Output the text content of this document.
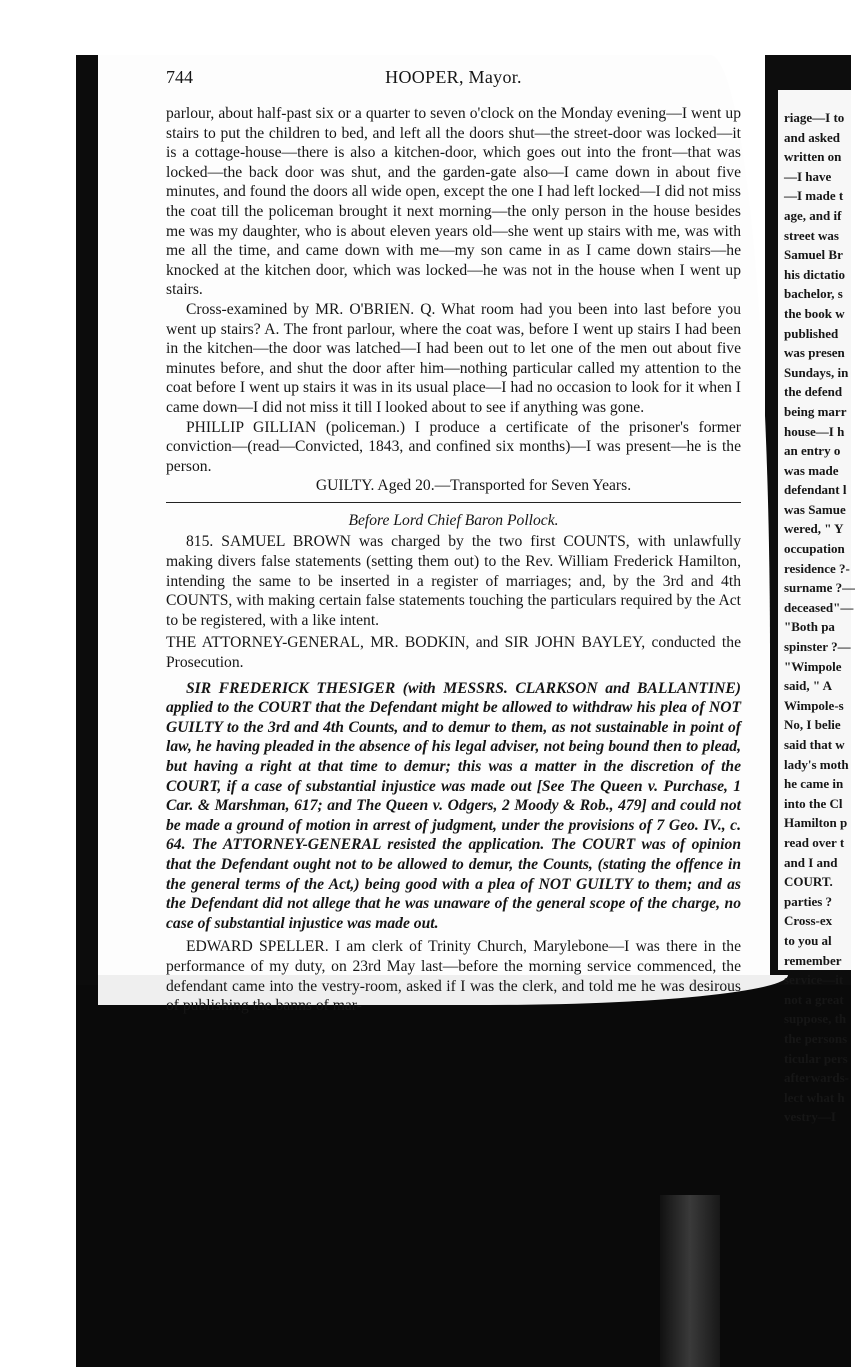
riage—I to
and asked
written on
—I have
—I made t
age, and if
street was
Samuel Br
his dictatio
bachelor, s
the book w
published
was presen
Sundays, in
the defend
being marr
house—I h
an entry o
was made
defendant l
was Samue
wered, " Y
occupation
residence ?-
surname ?—
deceased"—
"Both pa
spinster ?—
"Wimpole
said, " A
Wimpole-s
No, I belie
said that w
lady's moth
he came in
into the Cl
Hamilton p
read over t
and I and
COURT.
parties ?
Cross-ex
to you al
remember
service—it
not a great
suppose, th
the persons
ticular pers
afterwards-
lect what h
vestry—I
744	HOOPER, Mayor.

parlour, about half-past six or a quarter to seven o'clock on the Monday evening—I went up stairs to put the children to bed, and left all the doors shut—the street-door was locked—it is a cottage-house—there is also a kitchen-door, which goes out into the front—that was locked—the back door was shut, and the garden-gate also—I came down in about five minutes, and found the doors all wide open, except the one I had left locked—I did not miss the coat till the policeman brought it next morning—the only person in the house besides me was my daughter, who is about eleven years old—she went up stairs with me, was with me all the time, and came down with me—my son came in as I came down stairs—he knocked at the kitchen door, which was locked—he was not in the house when I went up stairs.

Cross-examined by MR. O'BRIEN. Q. What room had you been into last before you went up stairs? A. The front parlour, where the coat was, before I went up stairs I had been in the kitchen—the door was latched—I had been out to let one of the men out about five minutes before, and shut the door after him—nothing particular called my attention to the coat before I went up stairs it was in its usual place—I had no occasion to look for it when I came down—I did not miss it till I looked about to see if anything was gone.

PHILLIP GILLIAN (policeman.) I produce a certificate of the prisoner's former conviction—(read—Convicted, 1843, and confined six months)—I was present—he is the person.

GUILTY. Aged 20.—Transported for Seven Years.

Before Lord Chief Baron Pollock.

815. SAMUEL BROWN was charged by the two first COUNTS, with unlawfully making divers false statements (setting them out) to the Rev. William Frederick Hamilton, intending the same to be inserted in a register of marriages; and, by the 3rd and 4th COUNTS, with making certain false statements touching the particulars required by the Act to be registered, with a like intent.

THE ATTORNEY-GENERAL, MR. BODKIN, and SIR JOHN BAYLEY, conducted the Prosecution.

SIR FREDERICK THESIGER (with MESSRS. CLARKSON and BALLANTINE) applied to the COURT that the Defendant might be allowed to withdraw his plea of NOT GUILTY to the 3rd and 4th Counts, and to demur to them, as not sustainable in point of law, he having pleaded in the absence of his legal adviser, not being bound then to plead, but having a right at that time to demur; this was a matter in the discretion of the COURT, if a case of substantial injustice was made out [See The Queen v. Purchase, 1 Car. & Marshman, 617; and The Queen v. Odgers, 2 Moody & Rob., 479] and could not be made a ground of motion in arrest of judgment, under the provisions of 7 Geo. IV., c. 64. The ATTORNEY-GENERAL resisted the application. The COURT was of opinion that the Defendant ought not to be allowed to demur, the Counts, (stating the offence in the general terms of the Act,) being good with a plea of NOT GUILTY to them; and as the Defendant did not allege that he was unaware of the general scope of the charge, no case of substantial injustice was made out.

EDWARD SPELLER. I am clerk of Trinity Church, Marylebone—I was there in the performance of my duty, on 23rd May last—before the morning service commenced, the defendant came into the vestry-room, asked if I was the clerk, and told me he was desirous of publishing the banns of mar-
